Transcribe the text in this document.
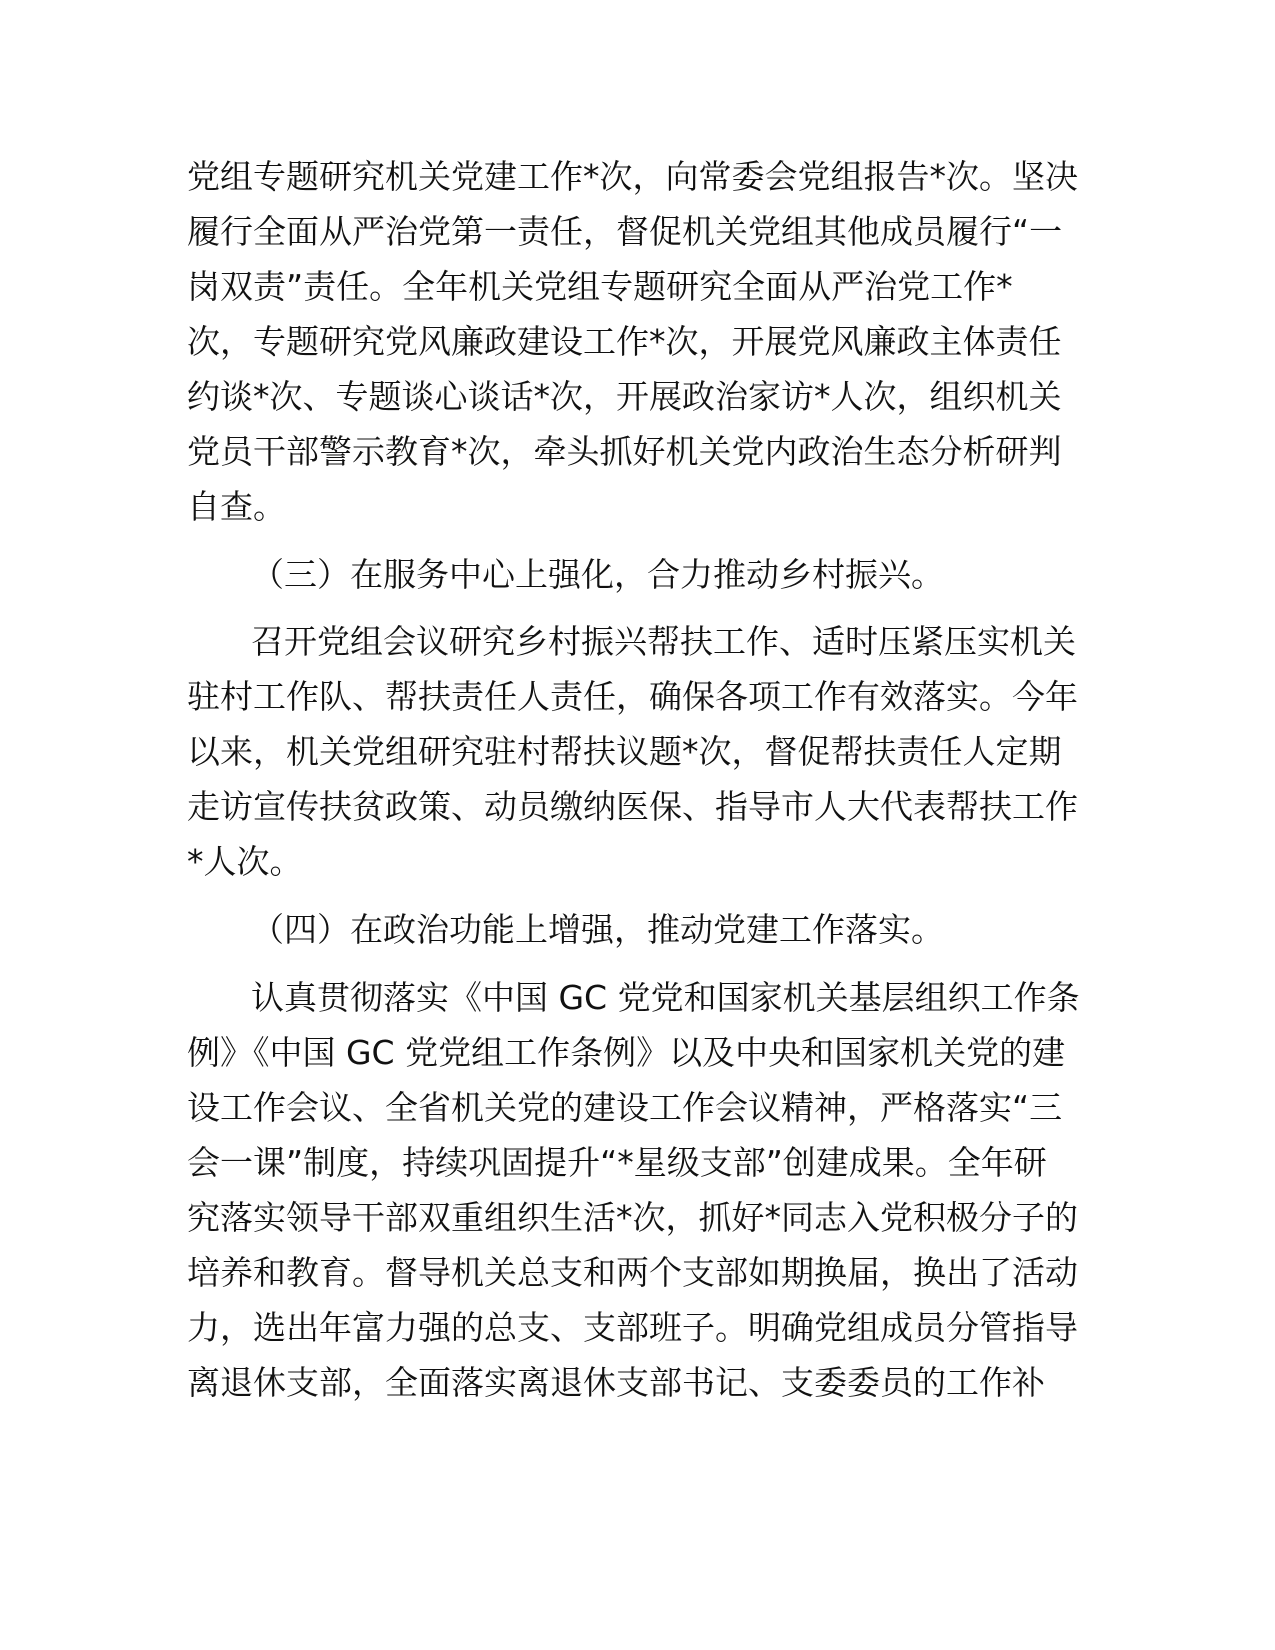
党组专题研究机关党建工作*次，向常委会党组报告*次。坚决
履行全面从严治党第一责任，督促机关党组其他成员履行“一
岗双责”责任。全年机关党组专题研究全面从严治党工作*
次，专题研究党风廉政建设工作*次，开展党风廉政主体责任
约谈*次、专题谈心谈话*次，开展政治家访*人次，组织机关
党员干部警示教育*次，牵头抓好机关党内政治生态分析研判
自查。
（三）在服务中心上强化，合力推动乡村振兴。
召开党组会议研究乡村振兴帮扶工作、适时压紧压实机关
驻村工作队、帮扶责任人责任，确保各项工作有效落实。今年
以来，机关党组研究驻村帮扶议题*次，督促帮扶责任人定期
走访宣传扶贫政策、动员缴纳医保、指导市人大代表帮扶工作
*人次。
（四）在政治功能上增强，推动党建工作落实。
认真贯彻落实《中国 GC 党党和国家机关基层组织工作条
例》《中国 GC 党党组工作条例》以及中央和国家机关党的建
设工作会议、全省机关党的建设工作会议精神，严格落实“三
会一课”制度，持续巩固提升“*星级支部”创建成果。全年研
究落实领导干部双重组织生活*次，抓好*同志入党积极分子的
培养和教育。督导机关总支和两个支部如期换届，换出了活动
力，选出年富力强的总支、支部班子。明确党组成员分管指导
离退休支部，全面落实离退休支部书记、支委委员的工作补
